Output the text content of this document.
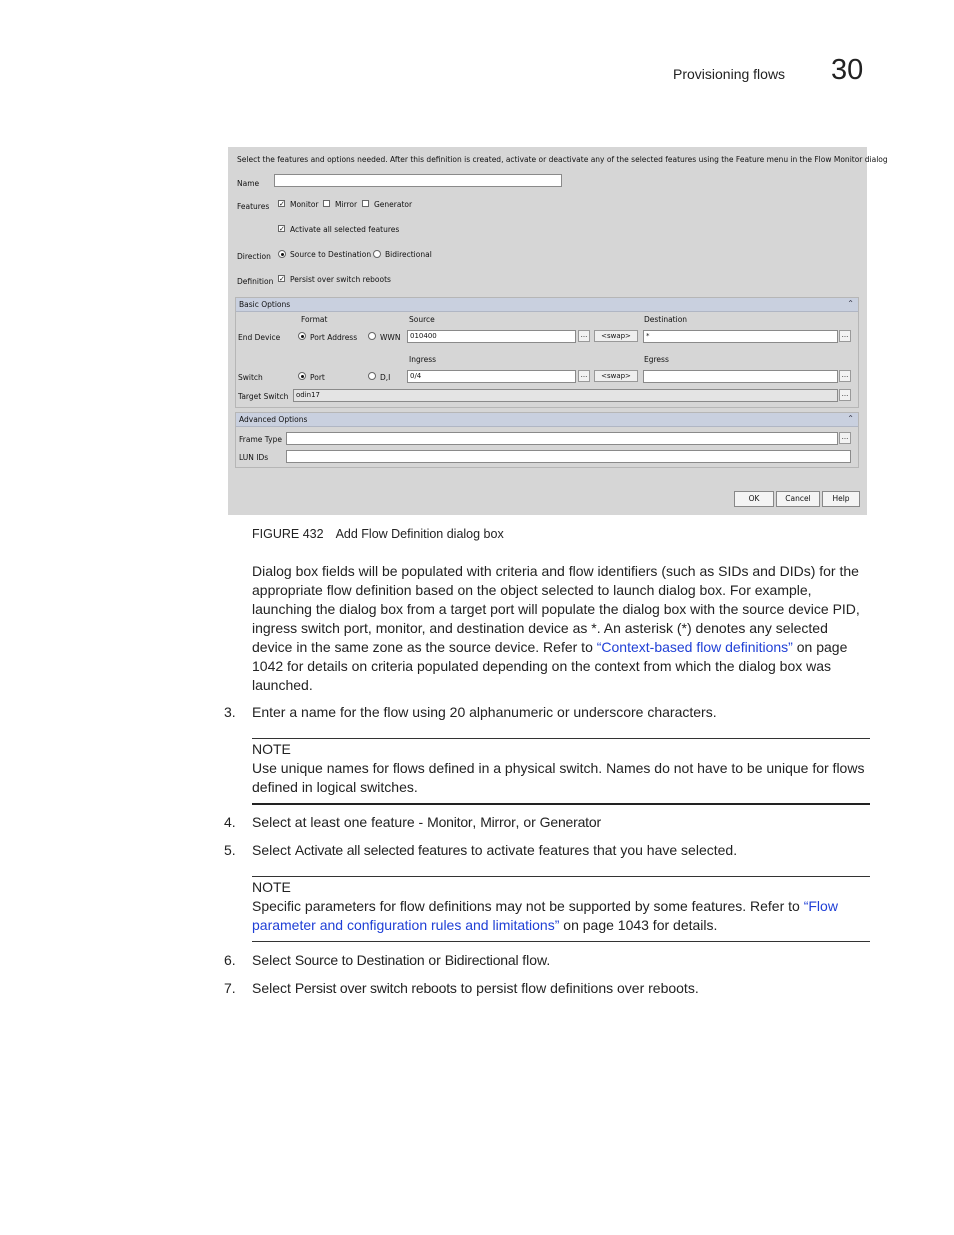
Provisioning flows 30
Select the features and options needed. After this definition is created, activate or deactivate any of the selected features using the Feature menu in the Flow Monitor dialog
Name
Features ✓ Monitor Mirror Generator
✓ Activate all selected features
Direction	Source to Destination Bidirectional
Definition ✓ Persist over switch reboots
Basic Options	⌃
Format	Source	Destination
End Device	Port Address	WWN	010400	...	<swap>	*	...
Ingress	Egress
Switch	Port	D,I	0/4	...	<swap>	...
Target Switch	odin17	...
Advanced Options	⌃
Frame Type	...
LUN IDs
OK	Cancel	Help
FIGURE 432 Add Flow Definition dialog box
Dialog box fields will be populated with criteria and flow identifiers (such as SIDs and DIDs) for the appropriate flow definition based on the object selected to launch dialog box. For example, launching the dialog box from a target port will populate the dialog box with the source device PID, ingress switch port, monitor, and destination device as *. An asterisk (*) denotes any selected device in the same zone as the source device. Refer to “Context-based flow definitions” on page 1042 for details on criteria populated depending on the context from which the dialog box was launched.
3.	Enter a name for the flow using 20 alphanumeric or underscore characters.
NOTE
Use unique names for flows defined in a physical switch. Names do not have to be unique for flows defined in logical switches.
4.	Select at least one feature - Monitor, Mirror, or Generator
5.	Select Activate all selected features to activate features that you have selected.
NOTE
Specific parameters for flow definitions may not be supported by some features. Refer to “Flow parameter and configuration rules and limitations” on page 1043 for details.
6.	Select Source to Destination or Bidirectional flow.
7.	Select Persist over switch reboots to persist flow definitions over reboots.
